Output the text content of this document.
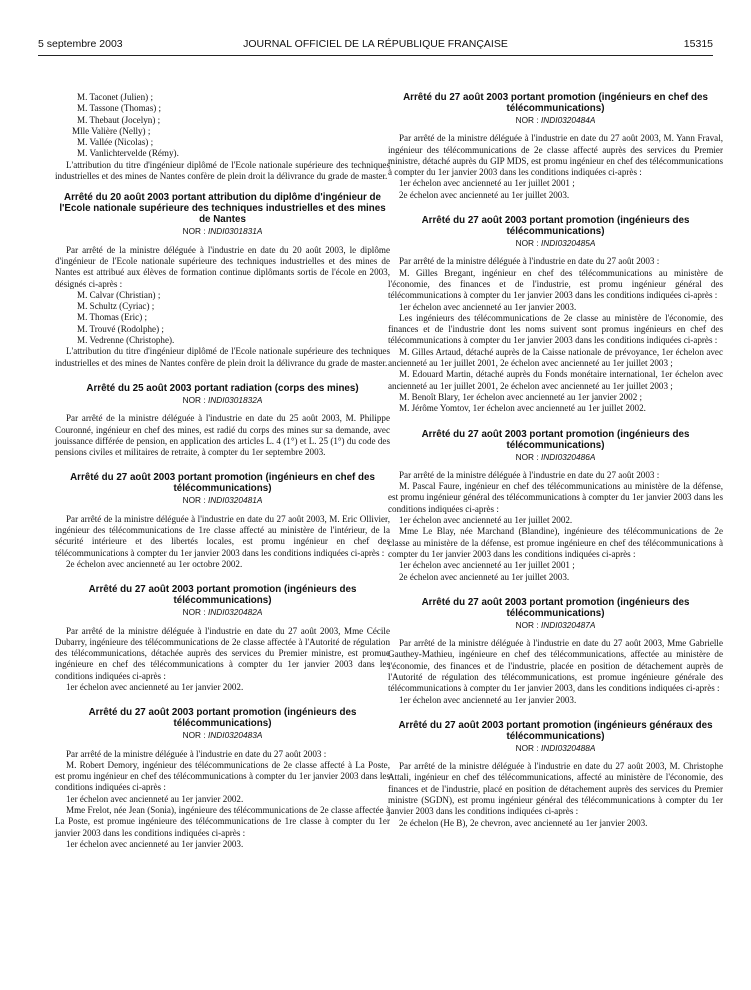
5 septembre 2003	JOURNAL OFFICIEL DE LA RÉPUBLIQUE FRANÇAISE	15315
M. Taconet (Julien) ;
M. Tassone (Thomas) ;
M. Thebaut (Jocelyn) ;
Mlle Valière (Nelly) ;
M. Vallée (Nicolas) ;
M. Vanlichtervelde (Rémy).

L'attribution du titre d'ingénieur diplômé de l'Ecole nationale supérieure des techniques industrielles et des mines de Nantes confère de plein droit la délivrance du grade de master.

Arrêté du 20 août 2003 portant attribution du diplôme d'ingénieur de l'Ecole nationale supérieure des techniques industrielles et des mines de Nantes
NOR : INDI0301831A

Par arrêté de la ministre déléguée à l'industrie en date du 20 août 2003, le diplôme d'ingénieur de l'Ecole nationale supérieure des techniques industrielles et des mines de Nantes est attribué aux élèves de formation continue diplômants sortis de l'école en 2003, désignés ci-après :

M. Calvar (Christian) ;
M. Schultz (Cyriac) ;
M. Thomas (Eric) ;
M. Trouvé (Rodolphe) ;
M. Vedrenne (Christophe).

L'attribution du titre d'ingénieur diplômé de l'Ecole nationale supérieure des techniques industrielles et des mines de Nantes confère de plein droit la délivrance du grade de master.

Arrêté du 25 août 2003 portant radiation (corps des mines)
NOR : INDI0301832A

Par arrêté de la ministre déléguée à l'industrie en date du 25 août 2003, M. Philippe Couronné, ingénieur en chef des mines, est radié du corps des mines sur sa demande, avec jouissance différée de pension, en application des articles L. 4 (1°) et L. 25 (1°) du code des pensions civiles et militaires de retraite, à compter du 1er septembre 2003.

Arrêté du 27 août 2003 portant promotion (ingénieurs en chef des télécommunications)
NOR : INDI0320481A

Par arrêté de la ministre déléguée à l'industrie en date du 27 août 2003, M. Eric Ollivier, ingénieur des télécommunications de 1re classe affecté au ministère de l'intérieur, de la sécurité intérieure et des libertés locales, est promu ingénieur en chef des télécommunications à compter du 1er janvier 2003 dans les conditions indiquées ci-après :

2e échelon avec ancienneté au 1er octobre 2002.

Arrêté du 27 août 2003 portant promotion (ingénieurs des télécommunications)
NOR : INDI0320482A

Par arrêté de la ministre déléguée à l'industrie en date du 27 août 2003, Mme Cécile Dubarry, ingénieure des télécommunications de 2e classe affectée à l'Autorité de régulation des télécommunications, détachée auprès des services du Premier ministre, est promue ingénieure en chef des télécommunications à compter du 1er janvier 2003 dans les conditions indiquées ci-après :

1er échelon avec ancienneté au 1er janvier 2002.

Arrêté du 27 août 2003 portant promotion (ingénieurs des télécommunications)
NOR : INDI0320483A

Par arrêté de la ministre déléguée à l'industrie en date du 27 août 2003 :

M. Robert Demory, ingénieur des télécommunications de 2e classe affecté à La Poste, est promu ingénieur en chef des télécommunications à compter du 1er janvier 2003 dans les conditions indiquées ci-après :

1er échelon avec ancienneté au 1er janvier 2002.

Mme Frelot, née Jean (Sonia), ingénieure des télécommunications de 2e classe affectée à La Poste, est promue ingénieure des télécommunications de 1re classe à compter du 1er janvier 2003 dans les conditions indiquées ci-après :

1er échelon avec ancienneté au 1er janvier 2003.

Arrêté du 27 août 2003 portant promotion (ingénieurs en chef des télécommunications)
NOR : INDI0320484A

Par arrêté de la ministre déléguée à l'industrie en date du 27 août 2003, M. Yann Fraval, ingénieur des télécommunications de 2e classe affecté auprès des services du Premier ministre, détaché auprès du GIP MDS, est promu ingénieur en chef des télécommunications à compter du 1er janvier 2003 dans les conditions indiquées ci-après :

1er échelon avec ancienneté au 1er juillet 2001 ;

2e échelon avec ancienneté au 1er juillet 2003.

Arrêté du 27 août 2003 portant promotion (ingénieurs des télécommunications)
NOR : INDI0320485A

Par arrêté de la ministre déléguée à l'industrie en date du 27 août 2003 :

M. Gilles Bregant, ingénieur en chef des télécommunications au ministère de l'économie, des finances et de l'industrie, est promu ingénieur général des télécommunications à compter du 1er janvier 2003 dans les conditions indiquées ci-après :

1er échelon avec ancienneté au 1er janvier 2003.

Les ingénieurs des télécommunications de 2e classe au ministère de l'économie, des finances et de l'industrie dont les noms suivent sont promus ingénieurs en chef des télécommunications à compter du 1er janvier 2003 dans les conditions indiquées ci-après :

M. Gilles Artaud, détaché auprès de la Caisse nationale de prévoyance, 1er échelon avec ancienneté au 1er juillet 2001, 2e échelon avec ancienneté au 1er juillet 2003 ;

M. Edouard Martin, détaché auprès du Fonds monétaire international, 1er échelon avec ancienneté au 1er juillet 2001, 2e échelon avec ancienneté au 1er juillet 2003 ;

M. Benoît Blary, 1er échelon avec ancienneté au 1er janvier 2002 ;

M. Jérôme Yomtov, 1er échelon avec ancienneté au 1er juillet 2002.

Arrêté du 27 août 2003 portant promotion (ingénieurs des télécommunications)
NOR : INDI0320486A

Par arrêté de la ministre déléguée à l'industrie en date du 27 août 2003 :

M. Pascal Faure, ingénieur en chef des télécommunications au ministère de la défense, est promu ingénieur général des télécommunications à compter du 1er janvier 2003 dans les conditions indiquées ci-après :

1er échelon avec ancienneté au 1er juillet 2002.

Mme Le Blay, née Marchand (Blandine), ingénieure des télécommunications de 2e classe au ministère de la défense, est promue ingénieure en chef des télécommunications à compter du 1er janvier 2003 dans les conditions indiquées ci-après :

1er échelon avec ancienneté au 1er juillet 2001 ;

2e échelon avec ancienneté au 1er juillet 2003.

Arrêté du 27 août 2003 portant promotion (ingénieurs des télécommunications)
NOR : INDI0320487A

Par arrêté de la ministre déléguée à l'industrie en date du 27 août 2003, Mme Gabrielle Gauthey-Mathieu, ingénieure en chef des télécommunications, affectée au ministère de l'économie, des finances et de l'industrie, placée en position de détachement auprès de l'Autorité de régulation des télécommunications, est promue ingénieure générale des télécommunications à compter du 1er janvier 2003, dans les conditions indiquées ci-après :

1er échelon avec ancienneté au 1er janvier 2003.

Arrêté du 27 août 2003 portant promotion (ingénieurs généraux des télécommunications)
NOR : INDI0320488A

Par arrêté de la ministre déléguée à l'industrie en date du 27 août 2003, M. Christophe Attali, ingénieur en chef des télécommunications, affecté au ministère de l'économie, des finances et de l'industrie, placé en position de détachement auprès des services du Premier ministre (SGDN), est promu ingénieur général des télécommunications à compter du 1er janvier 2003 dans les conditions indiquées ci-après :

2e échelon (He B), 2e chevron, avec ancienneté au 1er janvier 2003.
